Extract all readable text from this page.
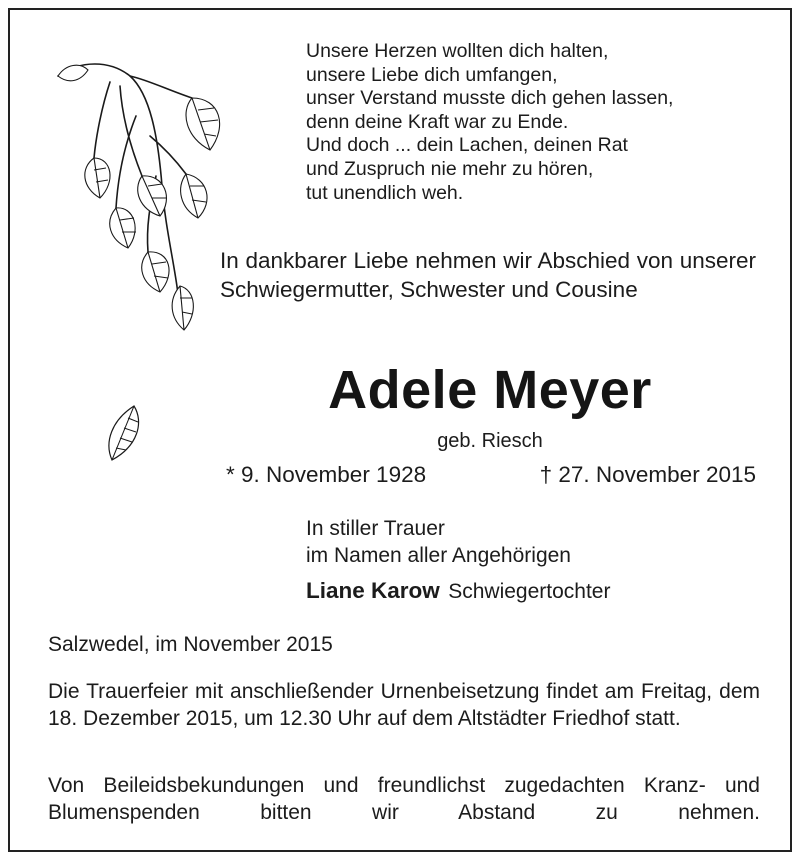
Unsere Herzen wollten dich halten,
unsere Liebe dich umfangen,
unser Verstand musste dich gehen lassen,
denn deine Kraft war zu Ende.
Und doch ... dein Lachen, deinen Rat
und Zuspruch nie mehr zu hören,
tut unendlich weh.

In dankbarer Liebe nehmen wir Abschied von unserer Schwiegermutter, Schwester und Cousine

Adele Meyer

geb. Riesch

* 9. November 1928	† 27. November 2015
In stiller Trauer
im Namen aller Angehörigen
Liane Karow Schwiegertochter

Salzwedel, im November 2015

Die Trauerfeier mit anschließender Urnenbeisetzung findet am Freitag, dem 18. Dezember 2015, um 12.30 Uhr auf dem Altstädter Friedhof statt.

Von Beileidsbekundungen und freundlichst zugedachten Kranz- und Blumenspenden bitten wir Abstand zu nehmen.
